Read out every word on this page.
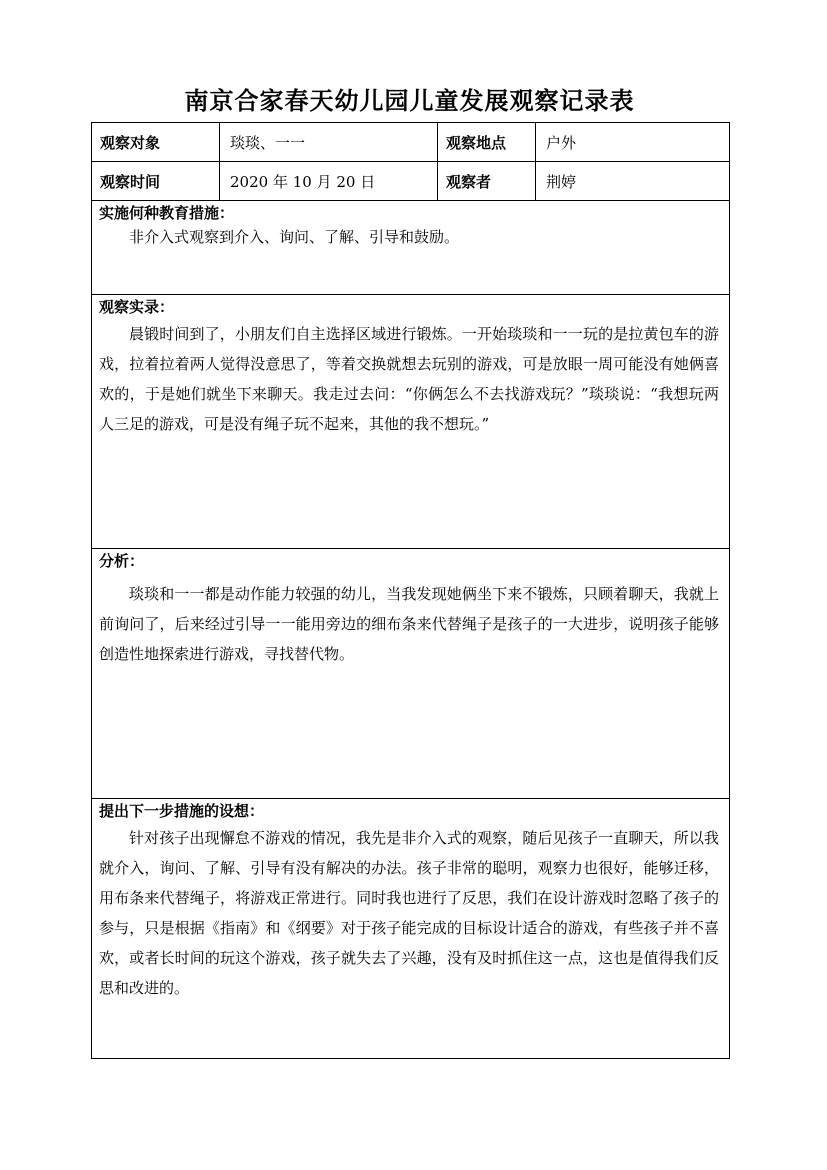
南京合家春天幼儿园儿童发展观察记录表
观察对象	琰琰、一一	观察地点	户外
观察时间	2020 年 10 月 20 日	观察者	荆婷

实施何种教育措施：
非介入式观察到介入、询问、了解、引导和鼓励。			

观察实录：
晨锻时间到了，小朋友们自主选择区域进行锻炼。一开始琰琰和一一玩的是拉黄包车的游戏，拉着拉着两人觉得没意思了，等着交换就想去玩别的游戏，可是放眼一周可能没有她俩喜欢的，于是她们就坐下来聊天。我走过去问：“你俩怎么不去找游戏玩？”琰琰说：“我想玩两人三足的游戏，可是没有绳子玩不起来，其他的我不想玩。”			

分析：
琰琰和一一都是动作能力较强的幼儿，当我发现她俩坐下来不锻炼，只顾着聊天，我就上前询问了，后来经过引导一一能用旁边的细布条来代替绳子是孩子的一大进步，说明孩子能够创造性地探索进行游戏，寻找替代物。			

提出下一步措施的设想：
针对孩子出现懈怠不游戏的情况，我先是非介入式的观察，随后见孩子一直聊天，所以我就介入，询问、了解、引导有没有解决的办法。孩子非常的聪明，观察力也很好，能够迁移，用布条来代替绳子，将游戏正常进行。同时我也进行了反思，我们在设计游戏时忽略了孩子的参与，只是根据《指南》和《纲要》对于孩子能完成的目标设计适合的游戏，有些孩子并不喜欢，或者长时间的玩这个游戏，孩子就失去了兴趣，没有及时抓住这一点，这也是值得我们反思和改进的。			
